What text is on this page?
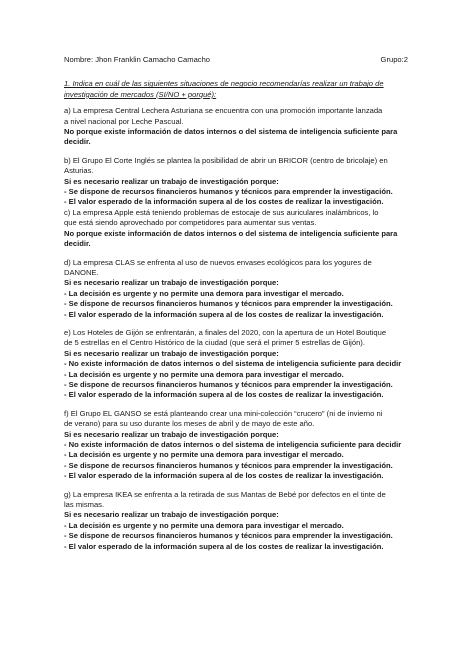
Nombre: Jhon Franklin Camacho Camacho	Grupo:2
1. Indica en cuál de las siguientes situaciones de negocio recomendarías realizar un trabajo de investigación de mercados (SI/NO + porqué):
a) La empresa Central Lechera Asturiana se encuentra con una promoción importante lanzada
a nivel nacional por Leche Pascual.
No porque existe información de datos internos o del sistema de inteligencia suficiente para
decidir.
b) El Grupo El Corte Inglés se plantea la posibilidad de abrir un BRICOR (centro de bricolaje) en
Asturias.
Si es necesario realizar un trabajo de investigación porque:
- Se dispone de recursos financieros humanos y técnicos para emprender la investigación.
- El valor esperado de la información supera al de los costes de realizar la investigación.
c) La empresa Apple está teniendo problemas de estocaje de sus auriculares inalámbricos, lo
que está siendo aprovechado por competidores para aumentar sus ventas.
No porque existe información de datos internos o del sistema de inteligencia suficiente para
decidir.
d) La empresa CLAS se enfrenta al uso de nuevos envases ecológicos para los yogures de
DANONE.
Si es necesario realizar un trabajo de investigación porque:
- La decisión es urgente y no permite una demora para investigar el mercado.
- Se dispone de recursos financieros humanos y técnicos para emprender la investigación.
- El valor esperado de la información supera al de los costes de realizar la investigación.
e) Los Hoteles de Gijón se enfrentarán, a finales del 2020, con la apertura de un Hotel Boutique
de 5 estrellas en el Centro Histórico de la ciudad (que será el primer 5 estrellas de Gijón).
Si es necesario realizar un trabajo de investigación porque:
- No existe información de datos internos o del sistema de inteligencia suficiente para decidir
- La decisión es urgente y no permite una demora para investigar el mercado.
- Se dispone de recursos financieros humanos y técnicos para emprender la investigación.
- El valor esperado de la información supera al de los costes de realizar la investigación.
f) El Grupo EL GANSO se está planteando crear una mini-colección “crucero” (ni de invierno ni
de verano) para su uso durante los meses de abril y de mayo de este año.
Si es necesario realizar un trabajo de investigación porque:
- No existe información de datos internos o del sistema de inteligencia suficiente para decidir
- La decisión es urgente y no permite una demora para investigar el mercado.
- Se dispone de recursos financieros humanos y técnicos para emprender la investigación.
- El valor esperado de la información supera al de los costes de realizar la investigación.
g) La empresa IKEA se enfrenta a la retirada de sus Mantas de Bebé por defectos en el tinte de
las mismas.
Si es necesario realizar un trabajo de investigación porque:
- La decisión es urgente y no permite una demora para investigar el mercado.
- Se dispone de recursos financieros humanos y técnicos para emprender la investigación.
- El valor esperado de la información supera al de los costes de realizar la investigación.
